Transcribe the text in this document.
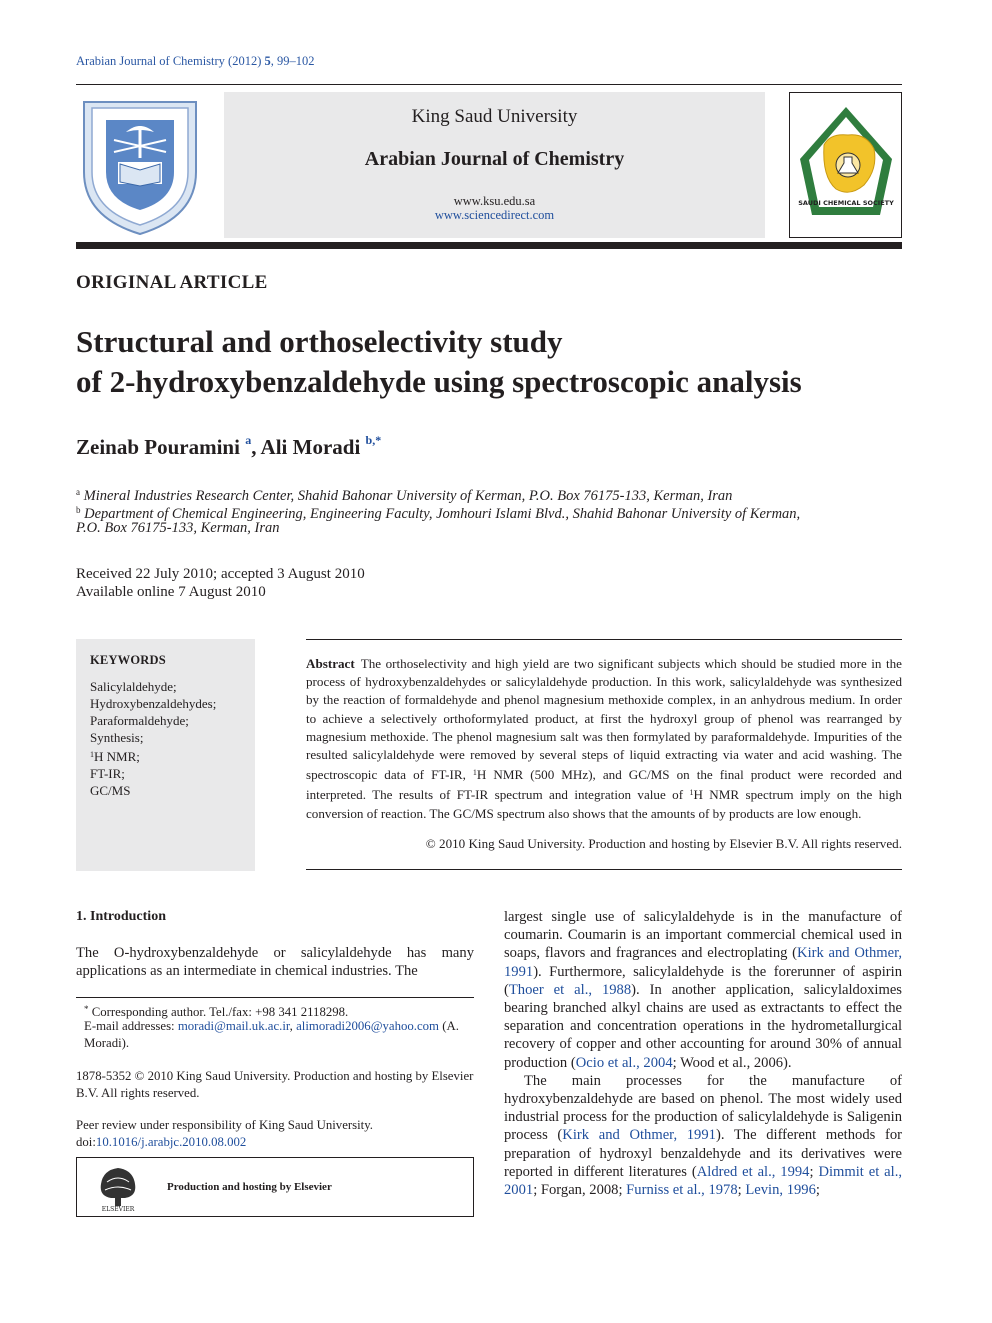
Arabian Journal of Chemistry (2012) 5, 99–102
King Saud University
Arabian Journal of Chemistry
www.ksu.edu.sa
www.sciencedirect.com
SAUDI CHEMICAL SOCIETY
ORIGINAL ARTICLE
Structural and orthoselectivity study
of 2-hydroxybenzaldehyde using spectroscopic analysis
Zeinab Pouramini $^a$, Ali Moradi $^{b,*}$
$^a$ Mineral Industries Research Center, Shahid Bahonar University of Kerman, P.O. Box 76175-133, Kerman, Iran
$^b$ Department of Chemical Engineering, Engineering Faculty, Jomhouri Islami Blvd., Shahid Bahonar University of Kerman,
P.O. Box 76175-133, Kerman, Iran
Received 22 July 2010; accepted 3 August 2010
Available online 7 August 2010
KEYWORDS
Salicylaldehyde;
Hydroxybenzaldehydes;
Paraformaldehyde;
Synthesis;
$^1$H NMR;
FT-IR;
GC/MS
Abstract The orthoselectivity and high yield are two significant subjects which should be studied more in the process of hydroxybenzaldehydes or salicylaldehyde production. In this work, salicylaldehyde was synthesized by the reaction of formaldehyde and phenol magnesium methoxide complex, in an anhydrous medium. In order to achieve a selectively orthoformylated product, at first the hydroxyl group of phenol was rearranged by magnesium methoxide. The phenol magnesium salt was then formylated by paraformaldehyde. Impurities of the resulted salicylaldehyde were removed by several steps of liquid extracting via water and acid washing. The spectroscopic data of FT-IR, $^1$H NMR (500 MHz), and GC/MS on the final product were recorded and interpreted. The results of FT-IR spectrum and integration value of $^1$H NMR spectrum imply on the high conversion of reaction. The GC/MS spectrum also shows that the amounts of by products are low enough.
© 2010 King Saud University. Production and hosting by Elsevier B.V. All rights reserved.
1. Introduction

The O-hydroxybenzaldehyde or salicylaldehyde has many applications as an intermediate in chemical industries. The

* Corresponding author. Tel./fax: +98 341 2118298.
E-mail addresses: moradi@mail.uk.ac.ir, alimoradi2006@yahoo.com (A. Moradi).
1878-5352 © 2010 King Saud University. Production and hosting by Elsevier B.V. All rights reserved.
Peer review under responsibility of King Saud University.
doi:10.1016/j.arabjc.2010.08.002
ELSEVIER
Production and hosting by Elsevier

largest single use of salicylaldehyde is in the manufacture of coumarin. Coumarin is an important commercial chemical used in soaps, flavors and fragrances and electroplating (Kirk and Othmer, 1991). Furthermore, salicylaldehyde is the forerunner of aspirin (Thoer et al., 1988). In another application, salicylaldoximes bearing branched alkyl chains are used as extractants to effect the separation and concentration operations in the hydrometallurgical recovery of copper and other accounting for around 30% of annual production (Ocio et al., 2004; Wood et al., 2006).

The main processes for the manufacture of hydroxybenzaldehyde are based on phenol. The most widely used industrial process for the production of salicylaldehyde is Saligenin process (Kirk and Othmer, 1991). The different methods for preparation of hydroxyl benzaldehyde and its derivatives were reported in different literatures (Aldred et al., 1994; Dimmit et al., 2001; Forgan, 2008; Furniss et al., 1978; Levin, 1996;
